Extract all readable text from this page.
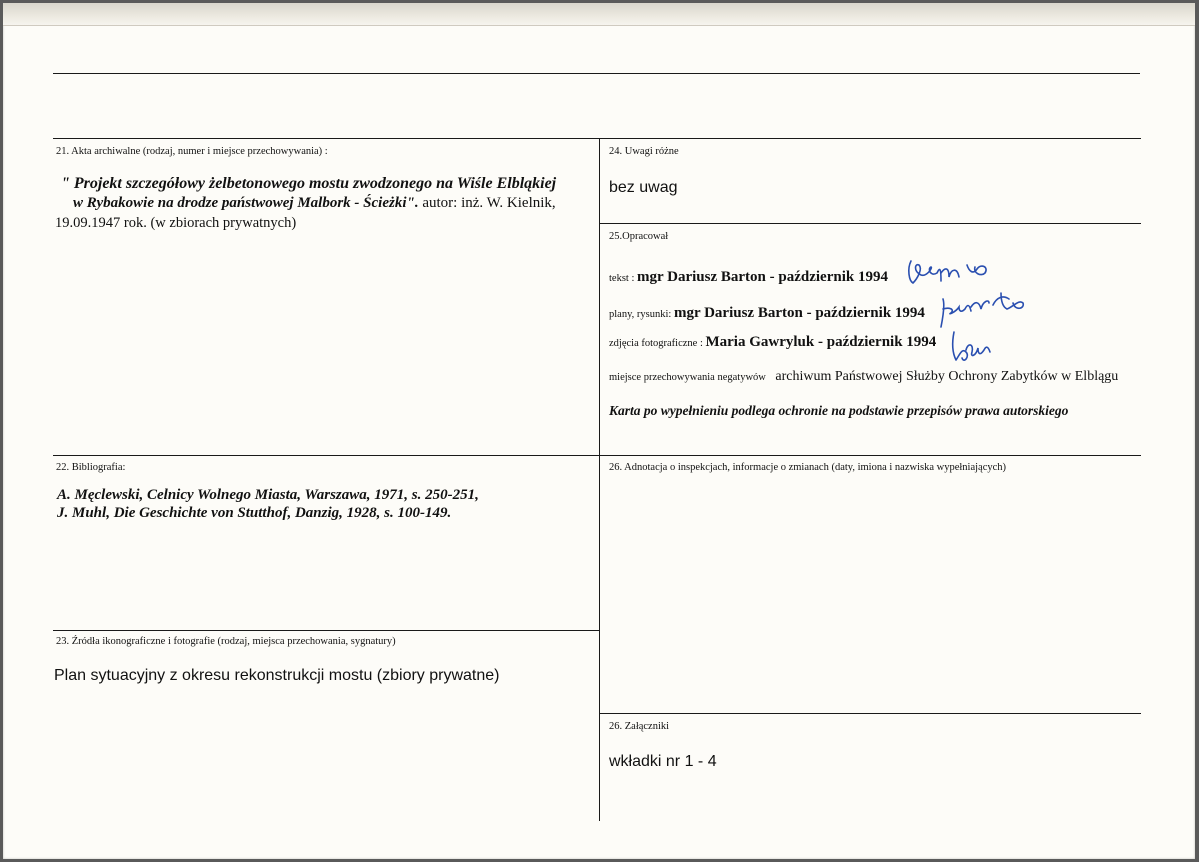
21. Akta archiwalne (rodzaj, numer i miejsce przechowywania) :
" Projekt szczegółowy żelbetonowego mostu zwodzonego na Wiśle Elbląkiej
w Rybakowie na drodze państwowej Malbork - Ścieżki". autor: inż. W. Kielnik,
19.09.1947 rok. (w zbiorach prywatnych)
22. Bibliografia:
A. Męclewski, Celnicy Wolnego Miasta, Warszawa, 1971, s. 250-251,
J. Muhl, Die Geschichte von Stutthof, Danzig, 1928, s. 100-149.
23. Źródła ikonograficzne i fotografie (rodzaj, miejsca przechowania, sygnatury)
Plan sytuacyjny z okresu rekonstrukcji mostu (zbiory prywatne)
24. Uwagi różne
bez uwag
25.Opracował
tekst : mgr Dariusz Barton - październik 1994
plany, rysunki: mgr Dariusz Barton - październik 1994
zdjęcia fotograficzne : Maria Gawryluk - październik 1994
miejsce przechowywania negatywów archiwum Państwowej Służby Ochrony Zabytków w Elblągu
Karta po wypełnieniu podlega ochronie na podstawie przepisów prawa autorskiego
26. Adnotacja o inspekcjach, informacje o zmianach (daty, imiona i nazwiska wypełniających)
26. Załączniki
wkładki nr 1 - 4
